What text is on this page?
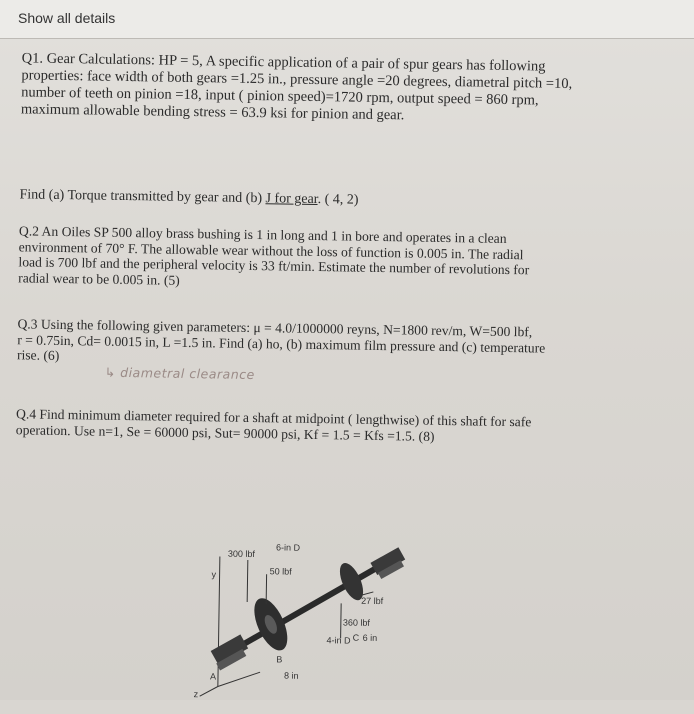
Show all details
Q1. Gear Calculations: HP = 5, A specific application of a pair of spur gears has following
properties: face width of both gears =1.25 in., pressure angle =20 degrees, diametral pitch =10,
number of teeth on pinion =18, input ( pinion speed)=1720 rpm, output speed = 860 rpm,
maximum allowable bending stress = 63.9 ksi for pinion and gear.
Find (a) Torque transmitted by gear and (b) J for gear. ( 4, 2)
Q.2 An Oiles SP 500 alloy brass bushing is 1 in long and 1 in bore and operates in a clean
environment of 70° F. The allowable wear without the loss of function is 0.005 in. The radial
load is 700 lbf and the peripheral velocity is 33 ft/min. Estimate the number of revolutions for
radial wear to be 0.005 in. (5)
Q.3 Using the following given parameters: μ = 4.0/1000000 reyns, N=1800 rev/m, W=500 lbf,
r = 0.75in, Cd= 0.0015 in, L =1.5 in. Find (a) ho, (b) maximum film pressure and (c) temperature
rise. (6)
↳ diametral clearance
Q.4 Find minimum diameter required for a shaft at midpoint ( lengthwise) of this shaft for safe
operation. Use n=1, Se = 60000 psi, Sut= 90000 psi, Kf = 1.5 = Kfs =1.5. (8)
300 lbf
6-in D
50 lbf
27 lbf
360 lbf
4-in D C 6 in
y
A
B
z
8 in
